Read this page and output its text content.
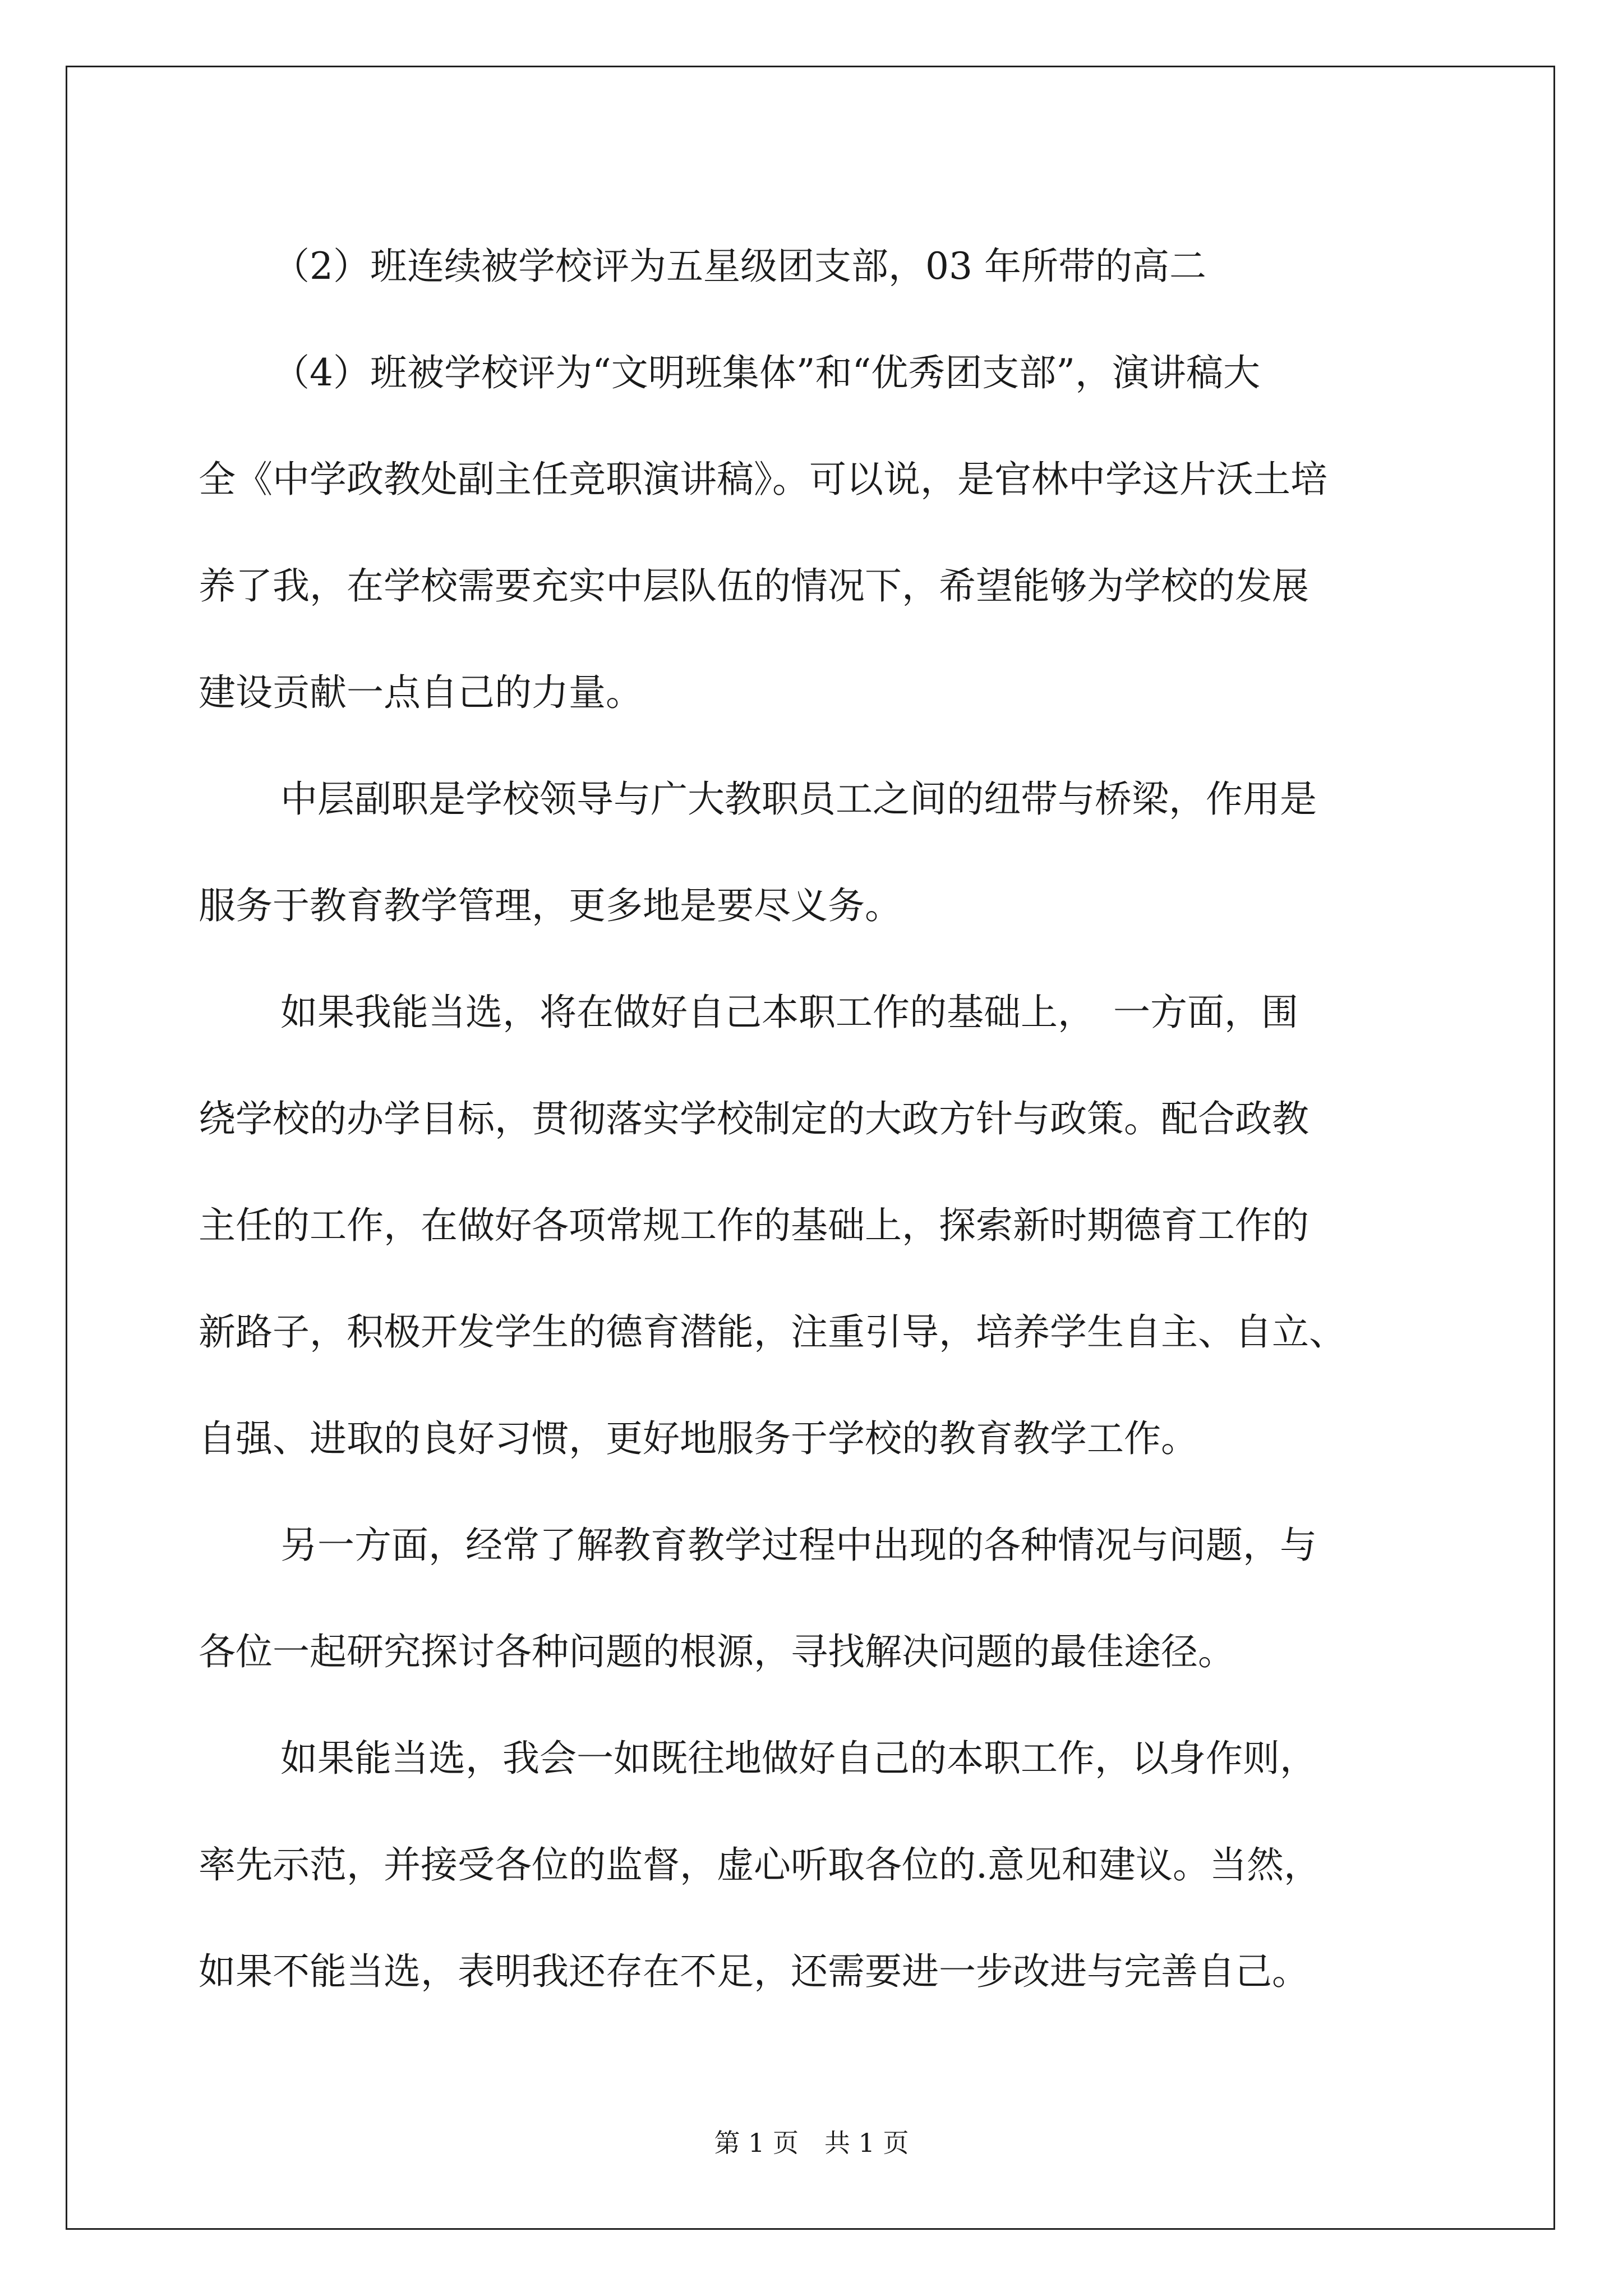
（2）班连续被学校评为五星级团支部，03 年所带的高二
（4）班被学校评为“文明班集体”和“优秀团支部”，演讲稿大
全《中学政教处副主任竞职演讲稿》。可以说，是官林中学这片沃土培
养了我，在学校需要充实中层队伍的情况下，希望能够为学校的发展
建设贡献一点自己的力量。
中层副职是学校领导与广大教职员工之间的纽带与桥梁，作用是
服务于教育教学管理，更多地是要尽义务。
如果我能当选，将在做好自己本职工作的基础上，　一方面，围
绕学校的办学目标，贯彻落实学校制定的大政方针与政策。配合政教
主任的工作，在做好各项常规工作的基础上，探索新时期德育工作的
新路子，积极开发学生的德育潜能，注重引导，培养学生自主、自立、
自强、进取的良好习惯，更好地服务于学校的教育教学工作。
另一方面，经常了解教育教学过程中出现的各种情况与问题，与
各位一起研究探讨各种问题的根源，寻找解决问题的最佳途径。
如果能当选，我会一如既往地做好自己的本职工作，以身作则，
率先示范，并接受各位的监督，虚心听取各位的.意见和建议。当然，
如果不能当选，表明我还存在不足，还需要进一步改进与完善自己。
第 1 页　共 1 页
